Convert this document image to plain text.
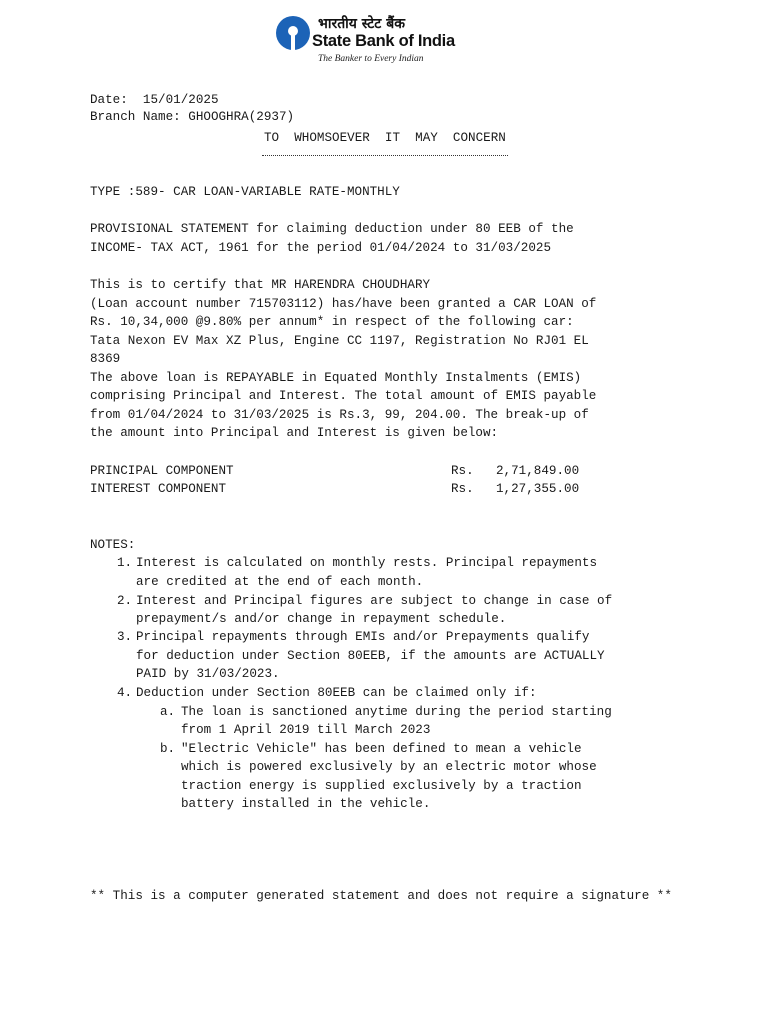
भारतीय स्टेट बैंक
State Bank of India
The Banker to Every Indian
Date: 15/01/2025
Branch Name: GHOOGHRA(2937)
TO  WHOMSOEVER  IT  MAY  CONCERN
TYPE :589- CAR LOAN-VARIABLE RATE-MONTHLY
PROVISIONAL STATEMENT for claiming deduction under 80 EEB of the
INCOME- TAX ACT, 1961 for the period 01/04/2024 to 31/03/2025
This is to certify that MR HARENDRA CHOUDHARY
(Loan account number 715703112) has/have been granted a CAR LOAN of
Rs. 10,34,000 @9.80% per annum* in respect of the following car:
Tata Nexon EV Max XZ Plus, Engine CC 1197, Registration No RJ01 EL
8369
The above loan is REPAYABLE in Equated Monthly Instalments (EMIS)
comprising Principal and Interest. The total amount of EMIS payable
from 01/04/2024 to 31/03/2025 is Rs.3, 99, 204.00. The break-up of
the amount into Principal and Interest is given below:
PRINCIPAL COMPONENT	Rs. 2,71,849.00
INTEREST COMPONENT	Rs. 1,27,355.00
NOTES:
1. Interest is calculated on monthly rests. Principal repayments
are credited at the end of each month.
2. Interest and Principal figures are subject to change in case of
prepayment/s and/or change in repayment schedule.
3. Principal repayments through EMIs and/or Prepayments qualify
for deduction under Section 80EEB, if the amounts are ACTUALLY
PAID by 31/03/2023.
4. Deduction under Section 80EEB can be claimed only if:
a. The loan is sanctioned anytime during the period starting
from 1 April 2019 till March 2023
b. "Electric Vehicle" has been defined to mean a vehicle
which is powered exclusively by an electric motor whose
traction energy is supplied exclusively by a traction
battery installed in the vehicle.
** This is a computer generated statement and does not require a signature **
